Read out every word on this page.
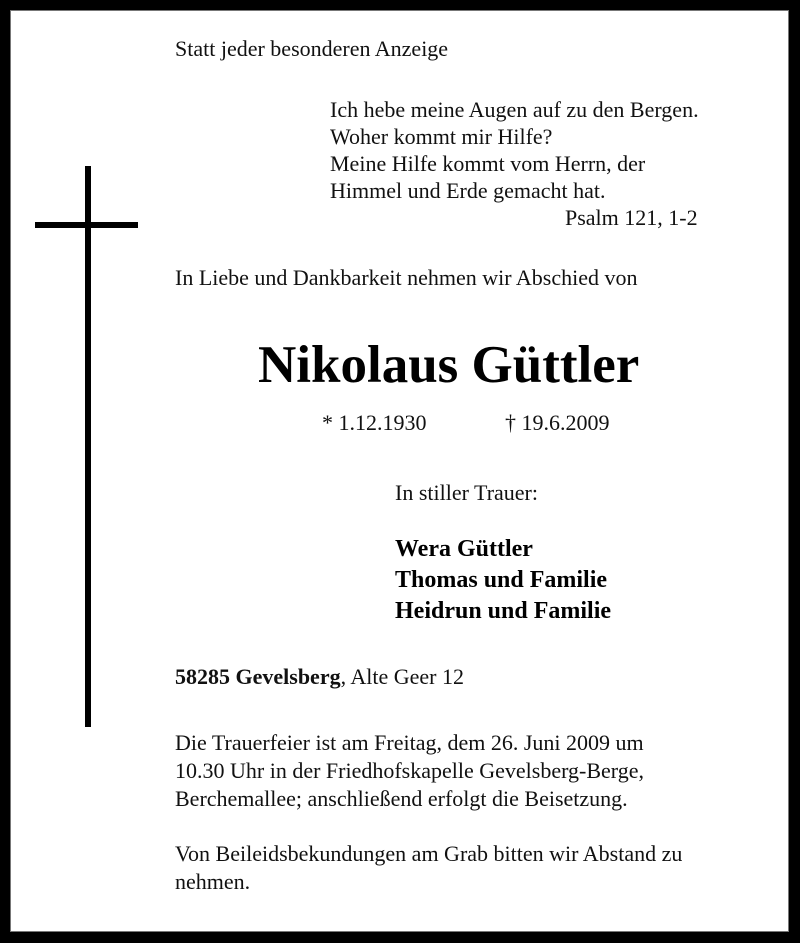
Statt jeder besonderen Anzeige
Ich hebe meine Augen auf zu den Bergen.
Woher kommt mir Hilfe?
Meine Hilfe kommt vom Herrn, der
Himmel und Erde gemacht hat.
Psalm 121, 1-2
In Liebe und Dankbarkeit nehmen wir Abschied von
Nikolaus Güttler
* 1.12.1930	† 19.6.2009
In stiller Trauer:
Wera Güttler
Thomas und Familie
Heidrun und Familie
58285 Gevelsberg, Alte Geer 12
Die Trauerfeier ist am Freitag, dem 26. Juni 2009 um
10.30 Uhr in der Friedhofskapelle Gevelsberg-Berge,
Berchemallee; anschließend erfolgt die Beisetzung.
Von Beileidsbekundungen am Grab bitten wir Abstand zu
nehmen.
